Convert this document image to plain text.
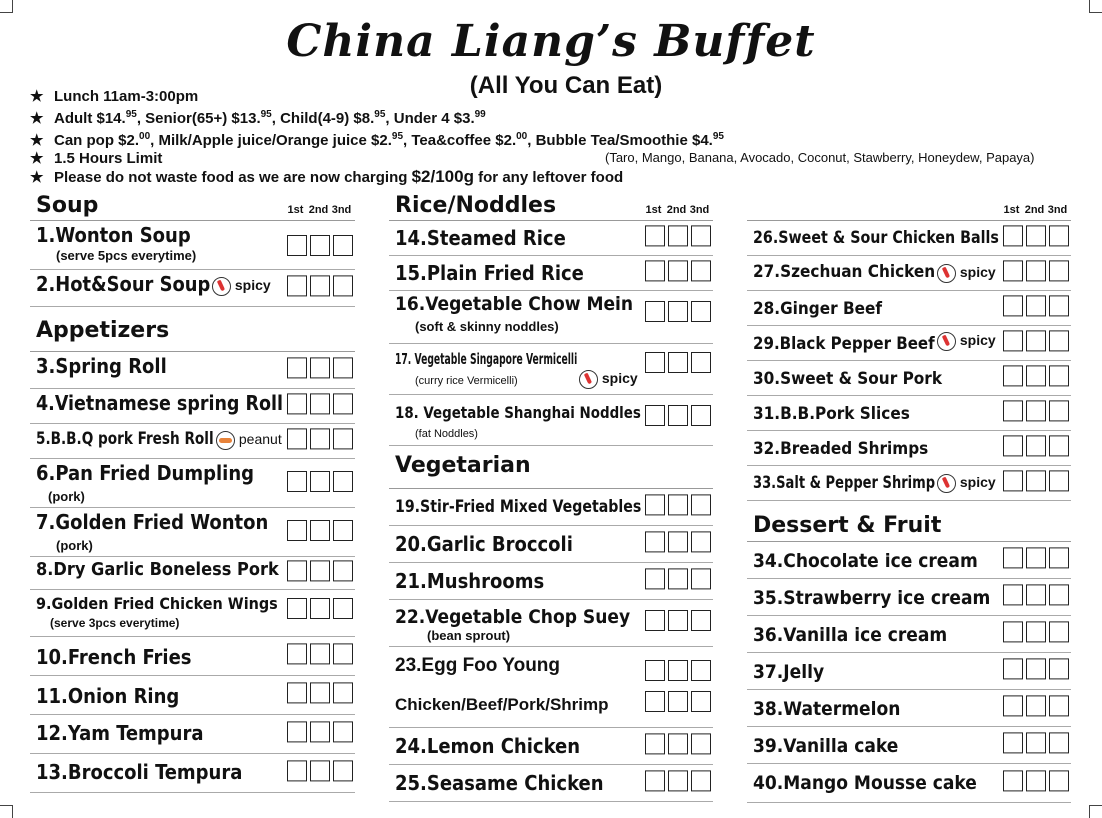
China Liang’s Buffet
(All You Can Eat)
★ Lunch 11am-3:00pm
★ Adult $14.95, Senior(65+) $13.95, Child(4-9) $8.95, Under 4 $3.99
★ Can pop $2.00, Milk/Apple juice/Orange juice $2.95, Tea&coffee $2.00, Bubble Tea/Smoothie $4.95
★ 1.5 Hours Limit
★ Please do not waste food as we are now charging $2/100g for any leftover food
(Taro, Mango, Banana, Avocado, Coconut, Stawberry, Honeydew, Papaya)
Soup	1st 2nd 3nd
1.Wonton Soup
(serve 5pcs everytime)
2.Hot&Sour Soup	spicy
Appetizers
3.Spring Roll
4.Vietnamese spring Roll
5.B.B.Q pork Fresh Roll	peanut
6.Pan Fried Dumpling
(pork)
7.Golden Fried Wonton
(pork)
8.Dry Garlic Boneless Pork
9.Golden Fried Chicken Wings
(serve 3pcs everytime)
10.French Fries
11.Onion Ring
12.Yam Tempura
13.Broccoli Tempura
Rice/Noddles	1st 2nd 3nd
14.Steamed Rice
15.Plain Fried Rice
16.Vegetable Chow Mein
(soft & skinny noddles)
17. Vegetable Singapore Vermicelli
(curry rice Vermicelli)	spicy
18. Vegetable Shanghai Noddles
(fat Noddles)
Vegetarian
19.Stir-Fried Mixed Vegetables
20.Garlic Broccoli
21.Mushrooms
22.Vegetable Chop Suey
(bean sprout)
23.Egg Foo Young
Chicken/Beef/Pork/Shrimp
24.Lemon Chicken
25.Seasame Chicken
1st 2nd 3nd
26.Sweet & Sour Chicken Balls
27.Szechuan Chicken	spicy
28.Ginger Beef
29.Black Pepper Beef	spicy
30.Sweet & Sour Pork
31.B.B.Pork Slices
32.Breaded Shrimps
33.Salt & Pepper Shrimp	spicy
Dessert & Fruit
34.Chocolate ice cream
35.Strawberry ice cream
36.Vanilla ice cream
37.Jelly
38.Watermelon
39.Vanilla cake
40.Mango Mousse cake
